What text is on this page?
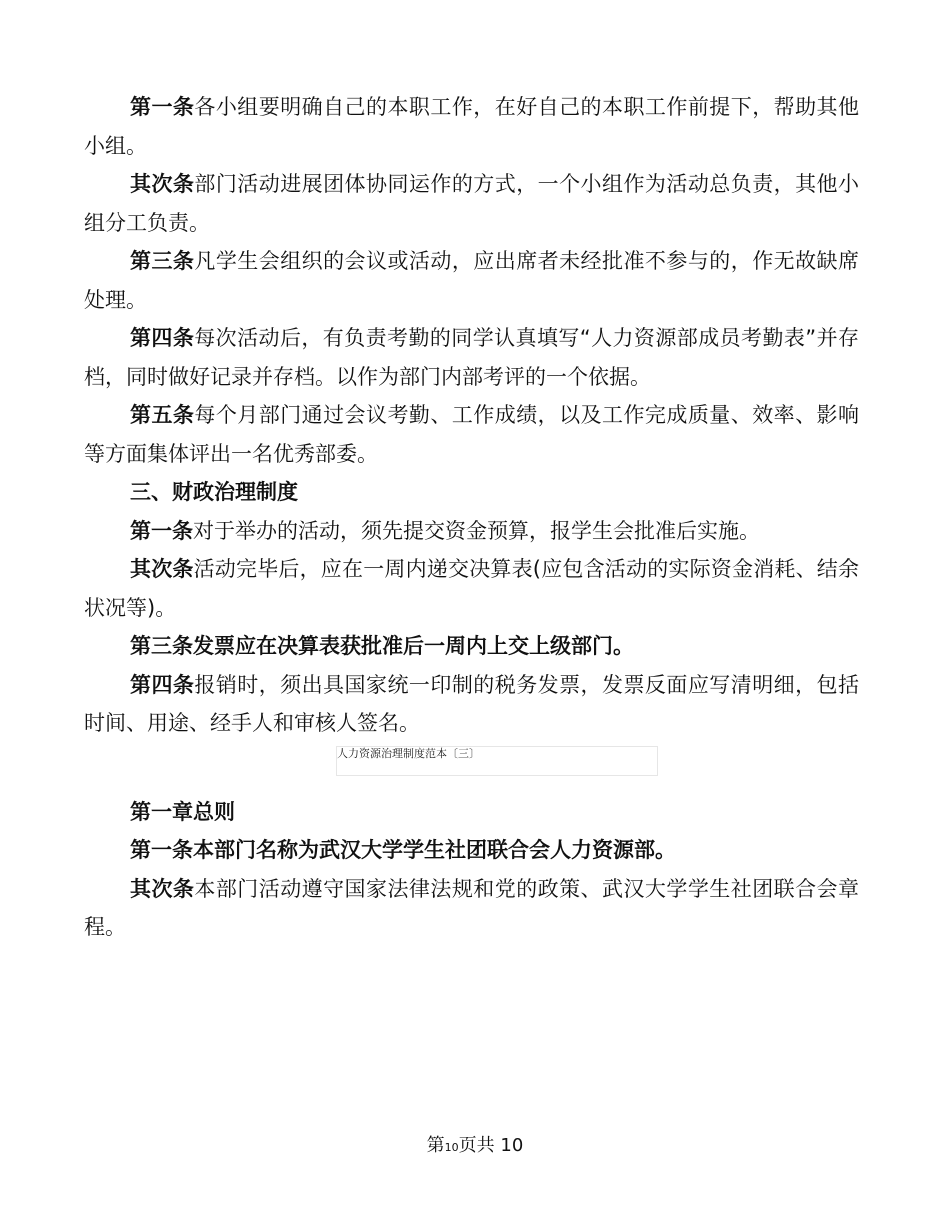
第一条各小组要明确自己的本职工作，在好自己的本职工作前提下，帮助其他小组。

其次条部门活动进展团体协同运作的方式，一个小组作为活动总负责，其他小组分工负责。

第三条凡学生会组织的会议或活动，应出席者未经批准不参与的，作无故缺席处理。

第四条每次活动后，有负责考勤的同学认真填写“人力资源部成员考勤表”并存档，同时做好记录并存档。以作为部门内部考评的一个依据。

第五条每个月部门通过会议考勤、工作成绩，以及工作完成质量、效率、影响等方面集体评出一名优秀部委。

三、财政治理制度

第一条对于举办的活动，须先提交资金预算，报学生会批准后实施。

其次条活动完毕后，应在一周内递交决算表(应包含活动的实际资金消耗、结余状况等)。

第三条发票应在决算表获批准后一周内上交上级部门。

第四条报销时，须出具国家统一印制的税务发票，发票反面应写清明细，包括时间、用途、经手人和审核人签名。

人力资源治理制度范本〔三〕

第一章总则

第一条本部门名称为武汉大学学生社团联合会人力资源部。

其次条本部门活动遵守国家法律法规和党的政策、武汉大学学生社团联合会章程。

第10页共 10
